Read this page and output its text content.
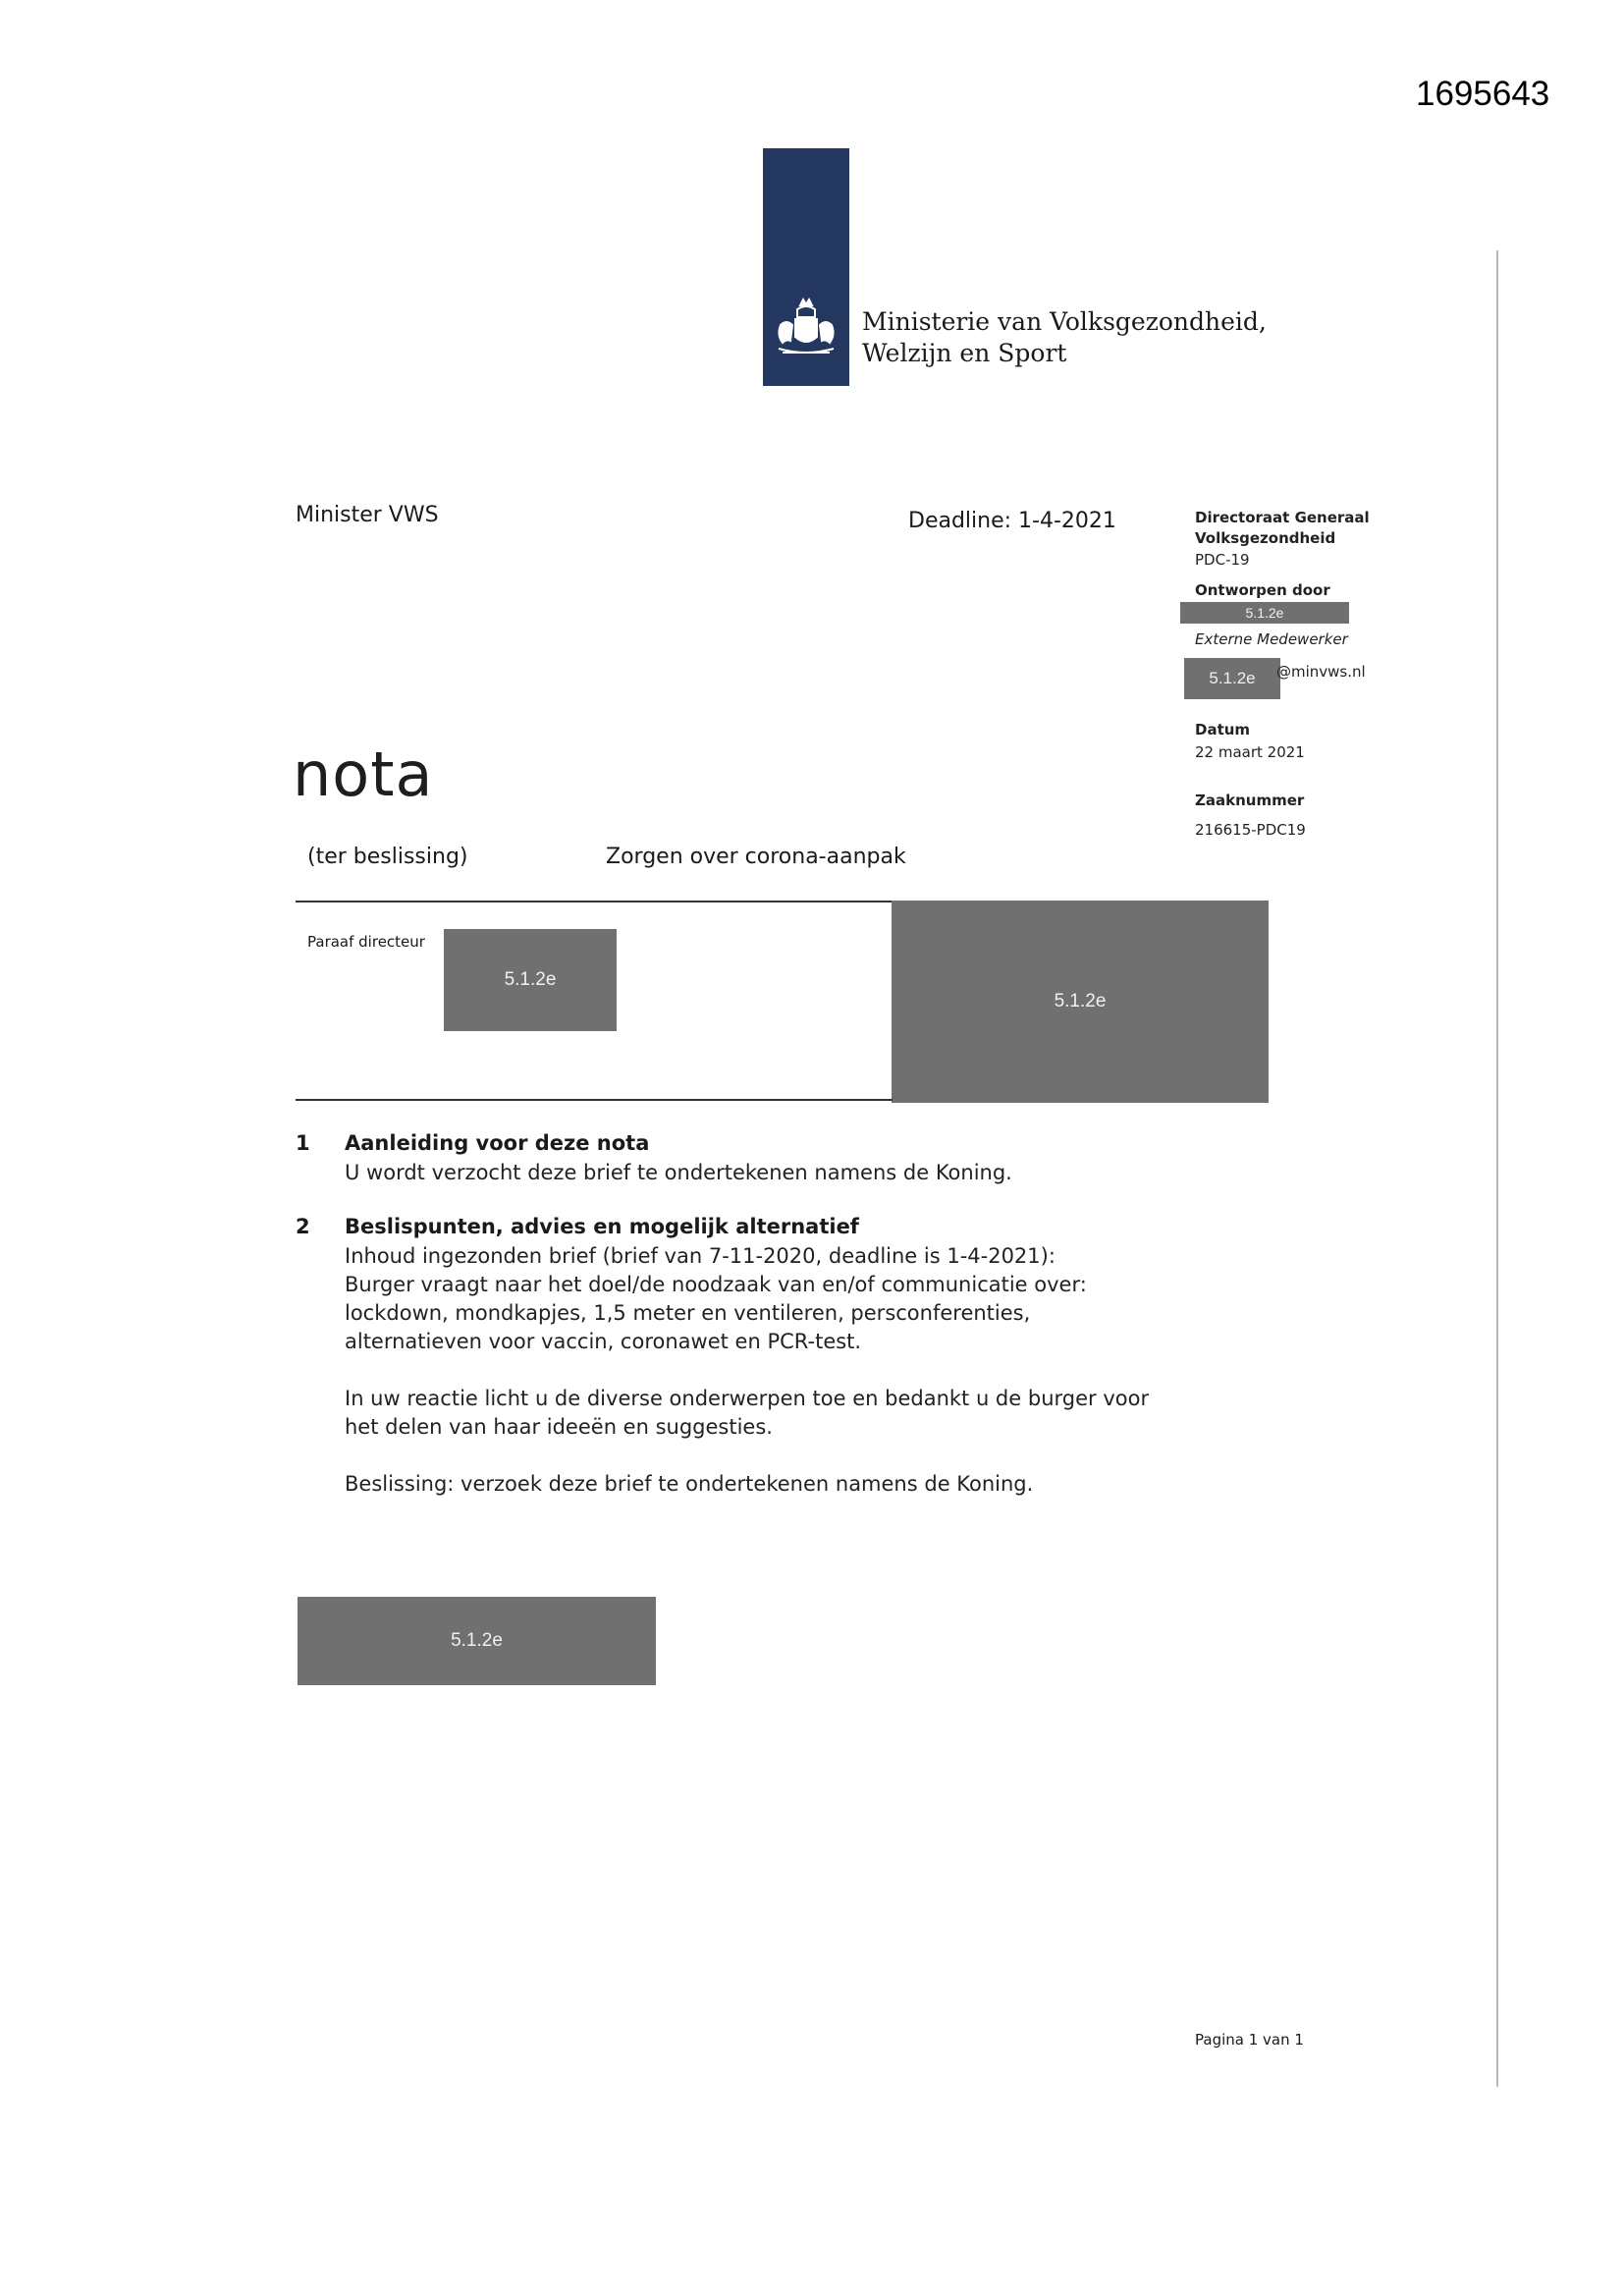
1695643
Ministerie van Volksgezondheid,
Welzijn en Sport
Minister VWS	Deadline: 1-4-2021	Directoraat Generaal
Volksgezondheid
PDC-19
Ontworpen door
5.1.2e
Externe Medewerker
5.1.2e	@minvws.nl
Datum
22 maart 2021
Zaaknummer
216615-PDC19
nota
(ter beslissing)	Zorgen over corona-aanpak
Paraaf directeur
5.1.2e
5.1.2e
1 Aanleiding voor deze nota
U wordt verzocht deze brief te ondertekenen namens de Koning.
2 Beslispunten, advies en mogelijk alternatief
Inhoud ingezonden brief (brief van 7-11-2020, deadline is 1-4-2021):
Burger vraagt naar het doel/de noodzaak van en/of communicatie over:
lockdown, mondkapjes, 1,5 meter en ventileren, persconferenties,
alternatieven voor vaccin, coronawet en PCR-test.
In uw reactie licht u de diverse onderwerpen toe en bedankt u de burger voor
het delen van haar ideeën en suggesties.
Beslissing: verzoek deze brief te ondertekenen namens de Koning.
5.1.2e
Pagina 1 van 1
